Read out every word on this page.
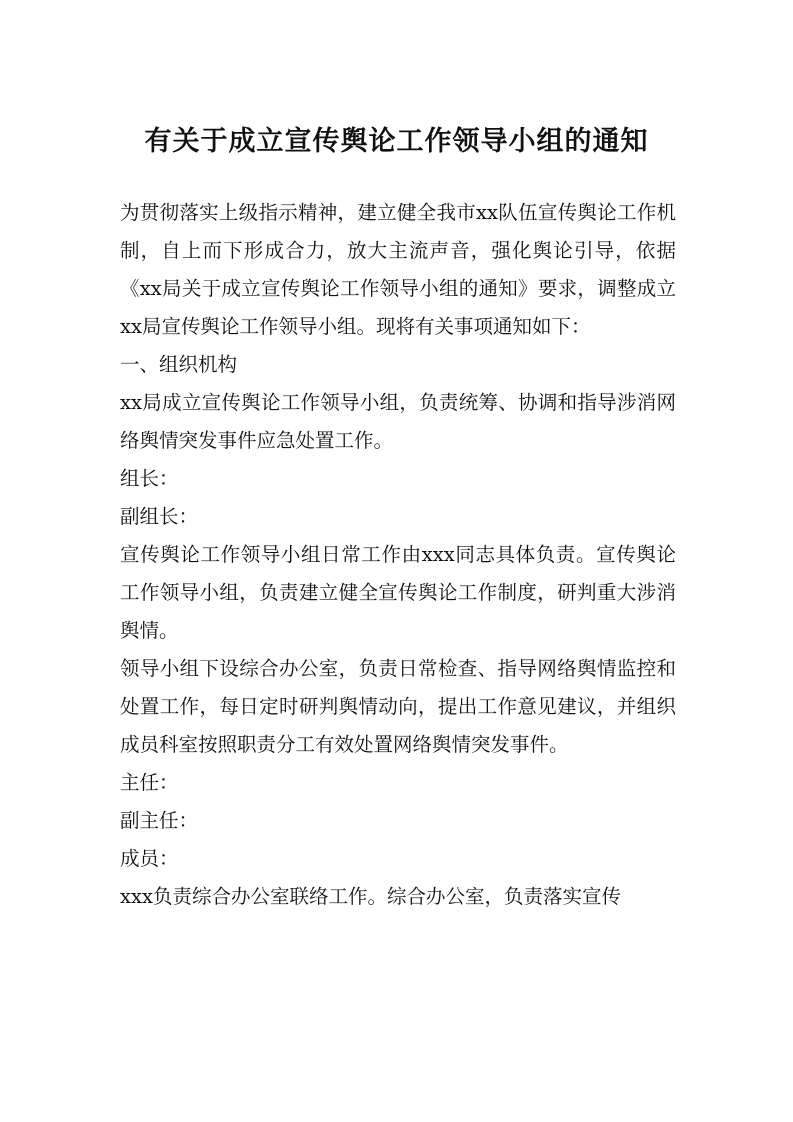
有关于成立宣传舆论工作领导小组的通知

为贯彻落实上级指示精神，建立健全我市xx队伍宣传舆论工作机制，自上而下形成合力，放大主流声音，强化舆论引导，依据《xx局关于成立宣传舆论工作领导小组的通知》要求，调整成立xx局宣传舆论工作领导小组。现将有关事项通知如下：

一、组织机构

xx局成立宣传舆论工作领导小组，负责统筹、协调和指导涉消网络舆情突发事件应急处置工作。

组长：

副组长：

宣传舆论工作领导小组日常工作由xxx同志具体负责。宣传舆论工作领导小组，负责建立健全宣传舆论工作制度，研判重大涉消舆情。

领导小组下设综合办公室，负责日常检查、指导网络舆情监控和处置工作，每日定时研判舆情动向，提出工作意见建议，并组织成员科室按照职责分工有效处置网络舆情突发事件。

主任：

副主任：

成员：

xxx负责综合办公室联络工作。综合办公室，负责落实宣传
